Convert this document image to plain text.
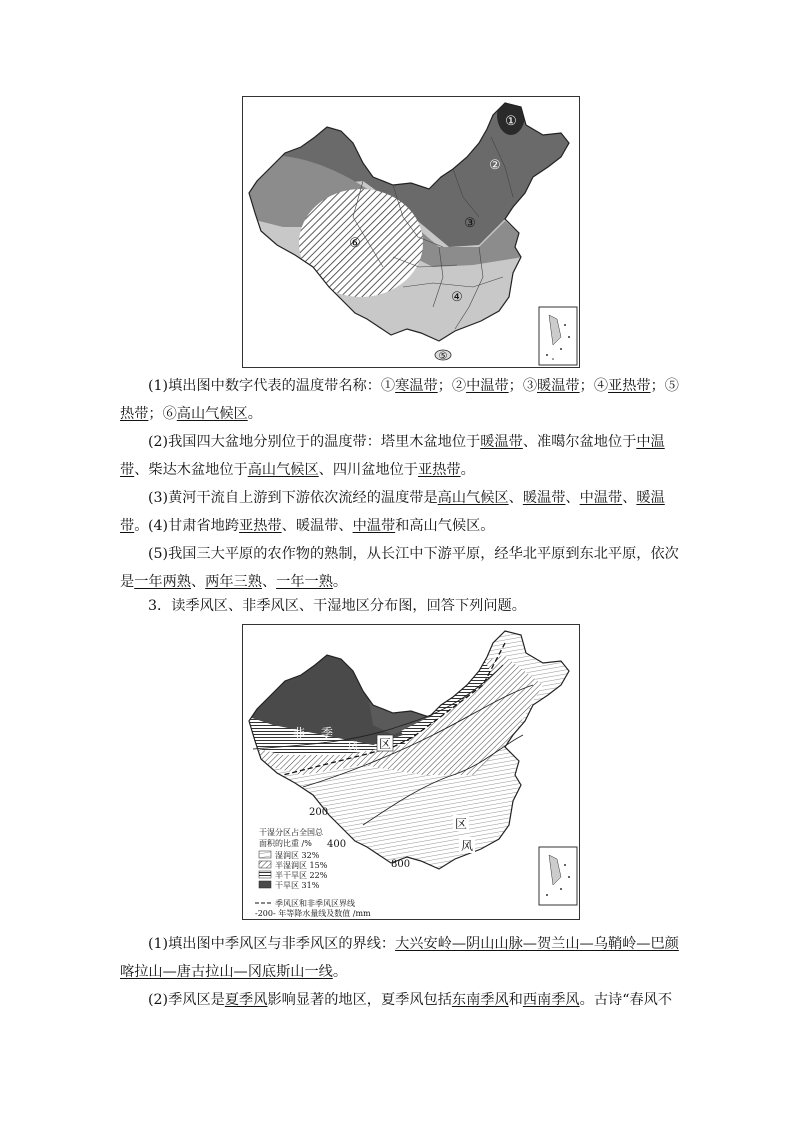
①
②
③
④
⑤
⑥

(1)填出图中数字代表的温度带名称：①寒温带；②中温带；③暖温带；④亚热带；⑤热带；⑥高山气候区。

(2)我国四大盆地分别位于的温度带：塔里木盆地位于暖温带、准噶尔盆地位于中温带、柴达木盆地位于高山气候区、四川盆地位于亚热带。

(3)黄河干流自上游到下游依次流经的温度带是高山气候区、暖温带、中温带、暖温带。 (4)甘肃省地跨亚热带、暖温带、中温带和高山气候区。

(5)我国三大平原的农作物的熟制，从长江中下游平原，经华北平原到东北平原，依次是一年两熟、两年三熟、一年一熟。

3．读季风区、非季风区、干湿地区分布图，回答下列问题。

200
400
800
非 季
风 区
风
区
干湿分区占全国总
面积的比重 /%
湿润区 32%
半湿润区 15%
半干旱区 22%
干旱区 31%
季风区和非季风区界线
-200- 年等降水量线及数值 /mm

(1)填出图中季风区与非季风区的界线：大兴安岭—阴山山脉—贺兰山—乌鞘岭—巴颜喀拉山—唐古拉山—冈底斯山一线。

(2)季风区是夏季风影响显著的地区，夏季风包括东南季风和西南季风。古诗“春风不
